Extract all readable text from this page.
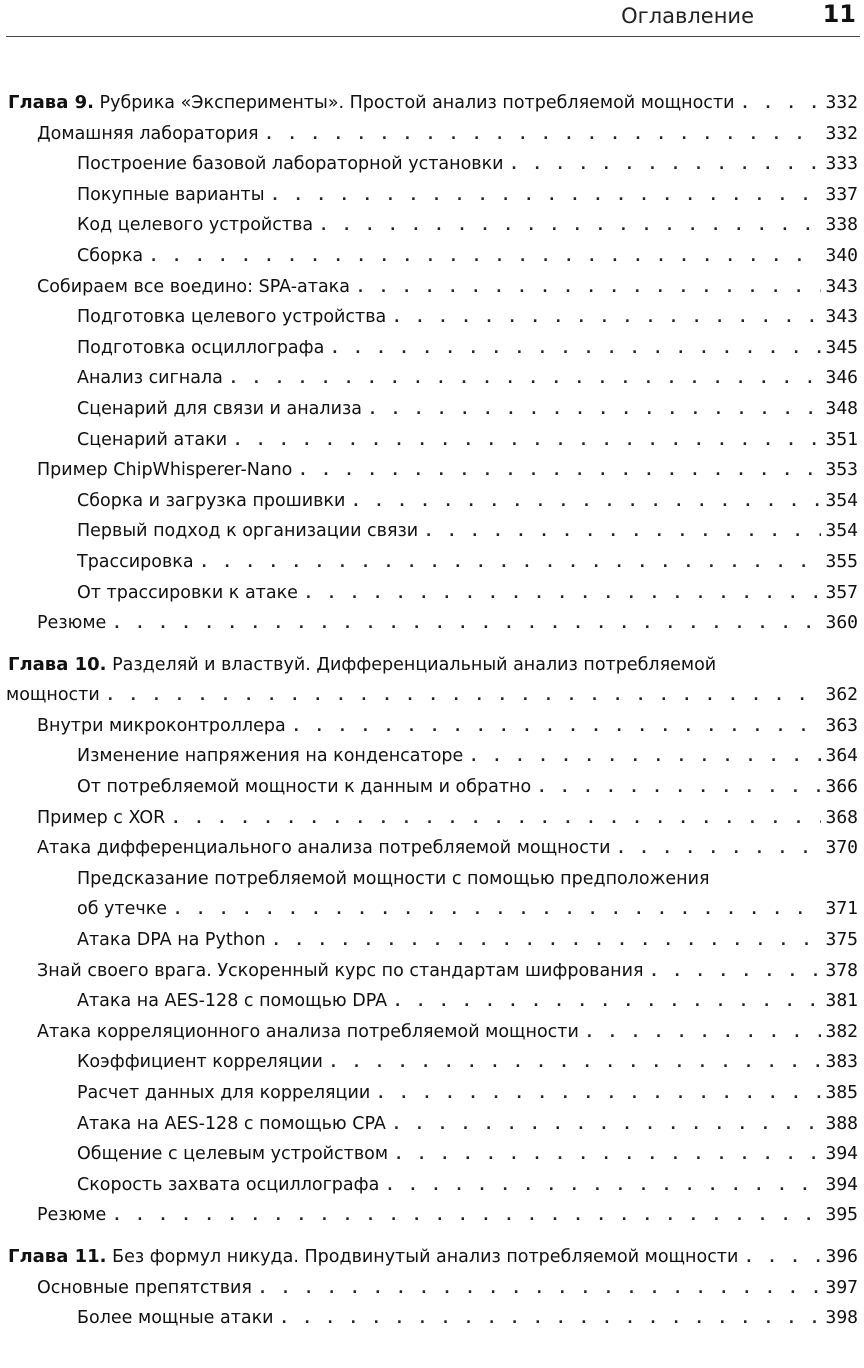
Оглавление	11
Глава 9. Рубрика «Эксперименты». Простой анализ потребляемой мощности . . .	332
Домашняя лаборатория . . .	332
Построение базовой лабораторной установки . . .	333
Покупные варианты . . .	337
Код целевого устройства . . .	338
Сборка . . .	340
Собираем все воедино: SPA-атака . . .	343
Подготовка целевого устройства . . .	343
Подготовка осциллографа . . .	345
Анализ сигнала . . .	346
Сценарий для связи и анализа . . .	348
Сценарий атаки . . .	351
Пример ChipWhisperer-Nano . . .	353
Сборка и загрузка прошивки . . .	354
Первый подход к организации связи . . .	354
Трассировка . . .	355
От трассировки к атаке . . .	357
Резюме . . .	360
Глава 10. Разделяй и властвуй. Дифференциальный анализ потребляемой
мощности . . .	362
Внутри микроконтроллера . . .	363
Изменение напряжения на конденсаторе . . .	364
От потребляемой мощности к данным и обратно . . .	366
Пример с XOR . . .	368
Атака дифференциального анализа потребляемой мощности . . .	370
Предсказание потребляемой мощности с помощью предположения
об утечке . . .	371
Атака DPA на Python . . .	375
Знай своего врага. Ускоренный курс по стандартам шифрования . . .	378
Атака на AES-128 с помощью DPA . . .	381
Атака корреляционного анализа потребляемой мощности . . .	382
Коэффициент корреляции . . .	383
Расчет данных для корреляции . . .	385
Атака на AES-128 с помощью CPA . . .	388
Общение с целевым устройством . . .	394
Скорость захвата осциллографа . . .	394
Резюме . . .	395
Глава 11. Без формул никуда. Продвинутый анализ потребляемой мощности . . .	396
Основные препятствия . . .	397
Более мощные атаки . . .	398
